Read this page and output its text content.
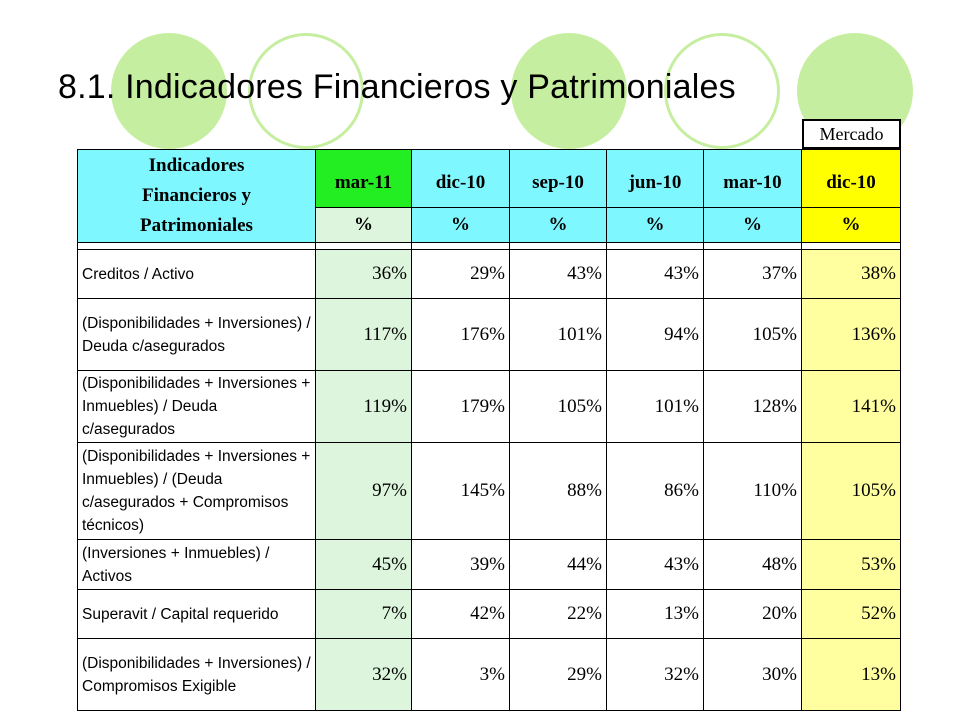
8.1. Indicadores Financieros y Patrimoniales
Mercado
Indicadores
Financieros y
Patrimoniales	mar-11	dic-10	sep-10	jun-10	mar-10	dic-10
	%	%	%	%	%	%

Creditos / Activo	36%	29%	43%	43%	37%	38%
(Disponibilidades + Inversiones) / Deuda c/asegurados	117%	176%	101%	94%	105%	136%
(Disponibilidades + Inversiones + Inmuebles) / Deuda c/asegurados	119%	179%	105%	101%	128%	141%
(Disponibilidades + Inversiones + Inmuebles) / (Deuda c/asegurados + Compromisos técnicos)	97%	145%	88%	86%	110%	105%
(Inversiones + Inmuebles) / Activos	45%	39%	44%	43%	48%	53%
Superavit / Capital requerido	7%	42%	22%	13%	20%	52%
(Disponibilidades + Inversiones) / Compromisos Exigible	32%	3%	29%	32%	30%	13%
